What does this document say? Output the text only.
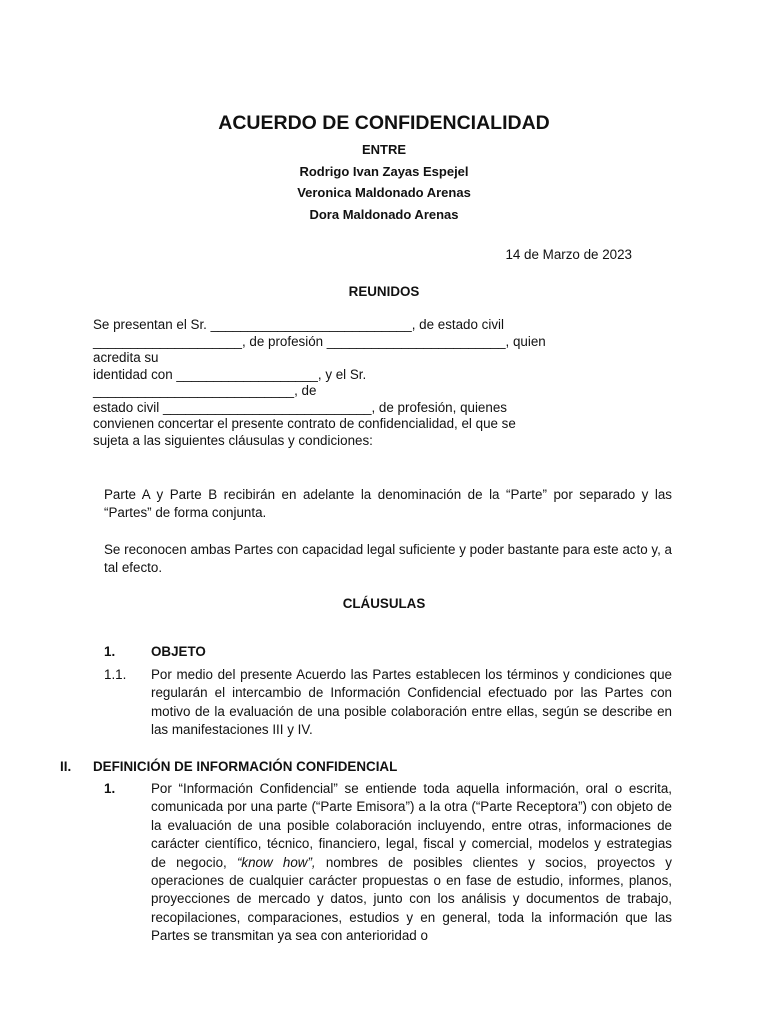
ACUERDO DE CONFIDENCIALIDAD
ENTRE
Rodrigo Ivan Zayas Espejel
Veronica Maldonado Arenas
Dora Maldonado Arenas
14 de Marzo de 2023
REUNIDOS
Se presentan el Sr. ___________________________, de estado civil
____________________, de profesión ________________________, quien
acredita su
identidad con ___________________, y el Sr.
___________________________, de
estado civil ____________________________, de profesión, quienes
convienen concertar el presente contrato de confidencialidad, el que se
sujeta a las siguientes cláusulas y condiciones:
Parte A y Parte B recibirán en adelante la denominación de la “Parte” por separado y las “Partes” de forma conjunta.
Se reconocen ambas Partes con capacidad legal suficiente y poder bastante para este acto y, a tal efecto.
CLÁUSULAS
1.	OBJETO
1.1. Por medio del presente Acuerdo las Partes establecen los términos y condiciones que regularán el intercambio de Información Confidencial efectuado por las Partes con motivo de la evaluación de una posible colaboración entre ellas, según se describe en las manifestaciones III y IV.
II. DEFINICIÓN DE INFORMACIÓN CONFIDENCIAL
1.	Por “Información Confidencial” se entiende toda aquella información, oral o escrita, comunicada por una parte (“Parte Emisora”) a la otra (“Parte Receptora”) con objeto de la evaluación de una posible colaboración incluyendo, entre otras, informaciones de carácter científico, técnico, financiero, legal, fiscal y comercial, modelos y estrategias de negocio, “know how”, nombres de posibles clientes y socios, proyectos y operaciones de cualquier carácter propuestas o en fase de estudio, informes, planos, proyecciones de mercado y datos, junto con los análisis y documentos de trabajo, recopilaciones, comparaciones, estudios y en general, toda la información que las Partes se transmitan ya sea con anterioridad o
